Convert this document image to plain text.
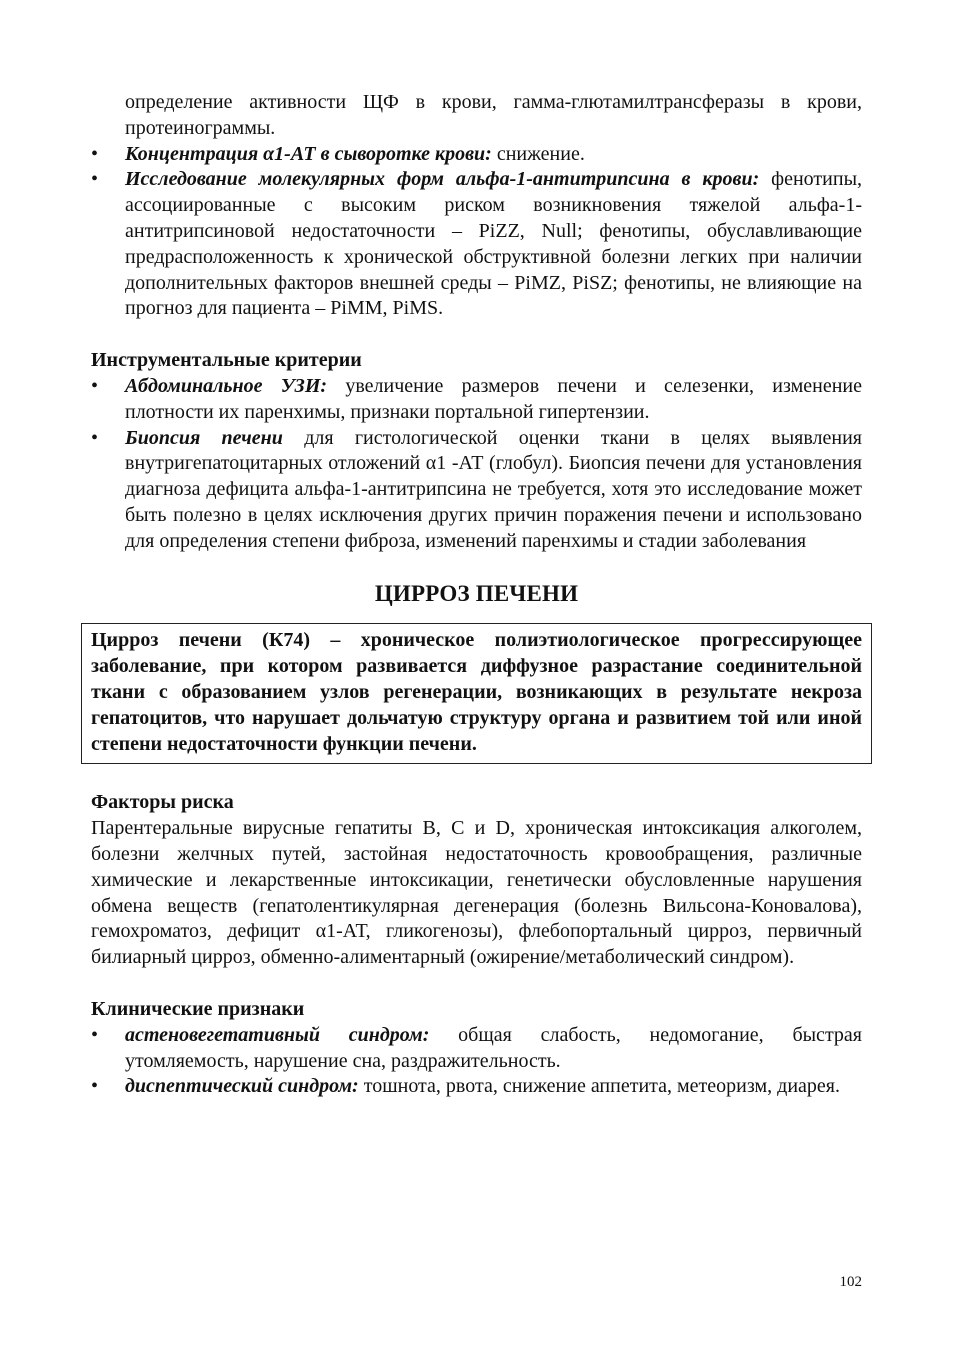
определение активности ЩФ в крови, гамма-глютамилтрансферазы в крови, протеинограммы.

• Концентрация α1-АТ в сыворотке крови: снижение.
• Исследование молекулярных форм альфа-1-антитрипсина в крови: фенотипы, ассоциированные с высоким риском возникновения тяжелой альфа-1-антитрипсиновой недостаточности – PiZZ, Null; фенотипы, обуславливающие предрасположенность к хронической обструктивной болезни легких при наличии дополнительных факторов внешней среды – PiMZ, PiSZ; фенотипы, не влияющие на прогноз для пациента – PiMM, PiMS.

Инструментальные критерии

• Абдоминальное УЗИ: увеличение размеров печени и селезенки, изменение плотности их паренхимы, признаки портальной гипертензии.
• Биопсия печени для гистологической оценки ткани в целях выявления внутригепатоцитарных отложений α1 -АТ (глобул). Биопсия печени для установления диагноза дефицита альфа-1-антитрипсина не требуется, хотя это исследование может быть полезно в целях исключения других причин поражения печени и использовано для определения степени фиброза, изменений паренхимы и стадии заболевания
ЦИРРОЗ ПЕЧЕНИ
Цирроз печени (К74) – хроническое полиэтиологическое прогрессирующее заболевание, при котором развивается диффузное разрастание соединительной ткани с образованием узлов регенерации, возникающих в результате некроза гепатоцитов, что нарушает дольчатую структуру органа и развитием той или иной степени недостаточности функции печени.

Факторы риска

Парентеральные вирусные гепатиты B, C и D, хроническая интоксикация алкоголем, болезни желчных путей, застойная недостаточность кровообращения, различные химические и лекарственные интоксикации, генетически обусловленные нарушения обмена веществ (гепатолентикулярная дегенерация (болезнь Вильсона-Коновалова), гемохроматоз, дефицит α1-АТ, гликогенозы), флебопортальный цирроз, первичный билиарный цирроз, обменно-алиментарный (ожирение/метаболический синдром).

Клинические признаки

• астеновегетативный синдром: общая слабость, недомогание, быстрая утомляемость, нарушение сна, раздражительность.
• диспептический синдром: тошнота, рвота, снижение аппетита, метеоризм, диарея.
102
